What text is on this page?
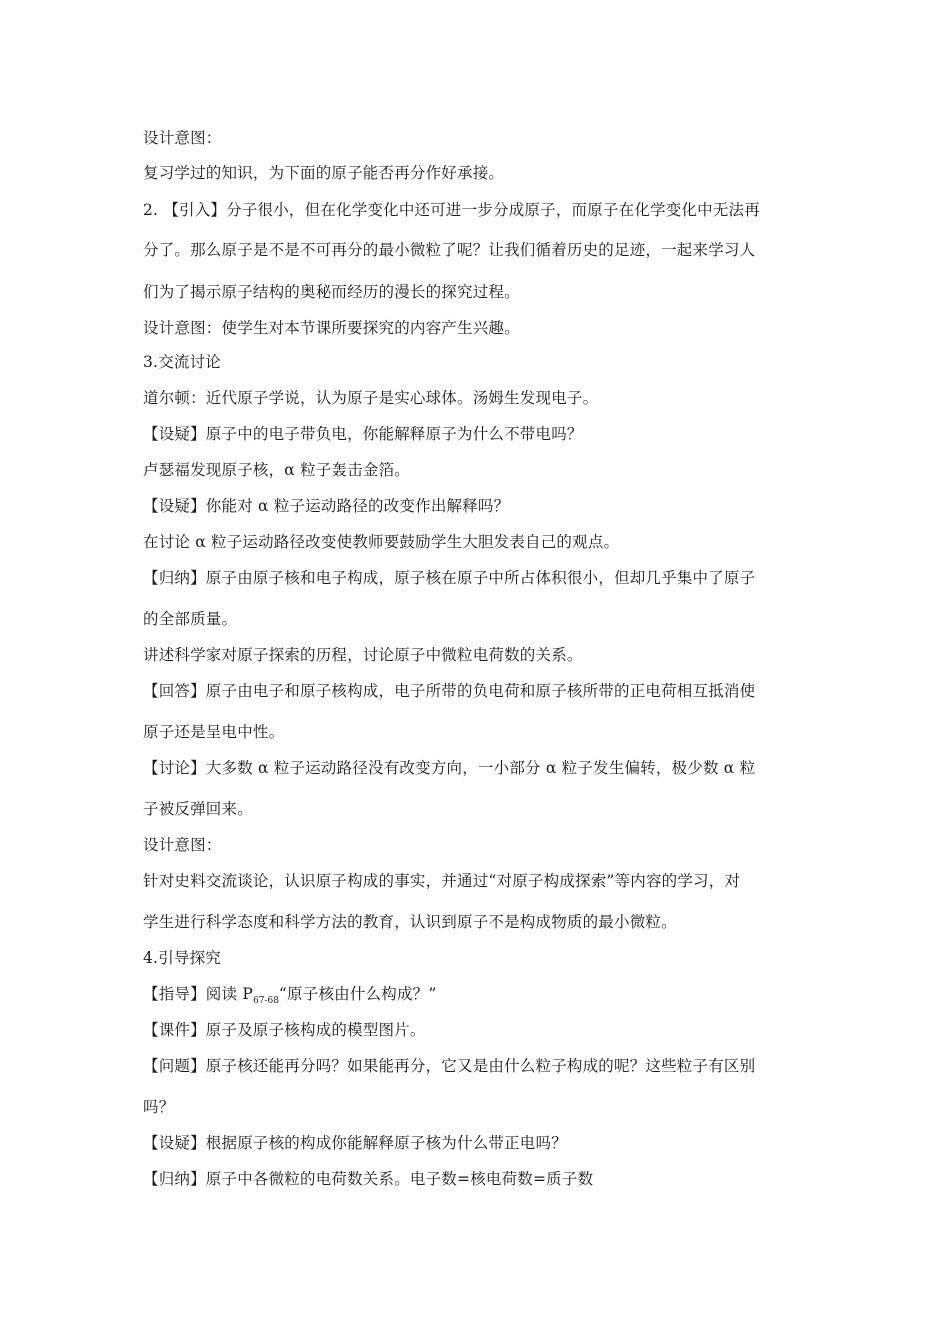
设计意图：
复习学过的知识，为下面的原子能否再分作好承接。
2. 【引入】分子很小，但在化学变化中还可进一步分成原子，而原子在化学变化中无法再
分了。那么原子是不是不可再分的最小微粒了呢？让我们循着历史的足迹，一起来学习人
们为了揭示原子结构的奥秘而经历的漫长的探究过程。
设计意图：使学生对本节课所要探究的内容产生兴趣。
3.交流讨论
道尔顿：近代原子学说，认为原子是实心球体。汤姆生发现电子。
【设疑】原子中的电子带负电，你能解释原子为什么不带电吗？
卢瑟福发现原子核，α 粒子轰击金箔。
【设疑】你能对 α 粒子运动路径的改变作出解释吗？
在讨论 α 粒子运动路径改变使教师要鼓励学生大胆发表自己的观点。
【归纳】原子由原子核和电子构成，原子核在原子中所占体积很小，但却几乎集中了原子
的全部质量。
讲述科学家对原子探索的历程，讨论原子中微粒电荷数的关系。
【回答】原子由电子和原子核构成，电子所带的负电荷和原子核所带的正电荷相互抵消使
原子还是呈电中性。
【讨论】大多数 α 粒子运动路径没有改变方向，一小部分 α 粒子发生偏转，极少数 α 粒
子被反弹回来。
设计意图：
针对史料交流谈论，认识原子构成的事实，并通过“对原子构成探索”等内容的学习，对
学生进行科学态度和科学方法的教育，认识到原子不是构成物质的最小微粒。
4.引导探究
【指导】阅读 $P_{67-68}“$原子核由什么构成？”
【课件】原子及原子核构成的模型图片。
【问题】原子核还能再分吗？如果能再分，它又是由什么粒子构成的呢？这些粒子有区别
吗？
【设疑】根据原子核的构成你能解释原子核为什么带正电吗？
【归纳】原子中各微粒的电荷数关系。电子数=核电荷数=质子数
